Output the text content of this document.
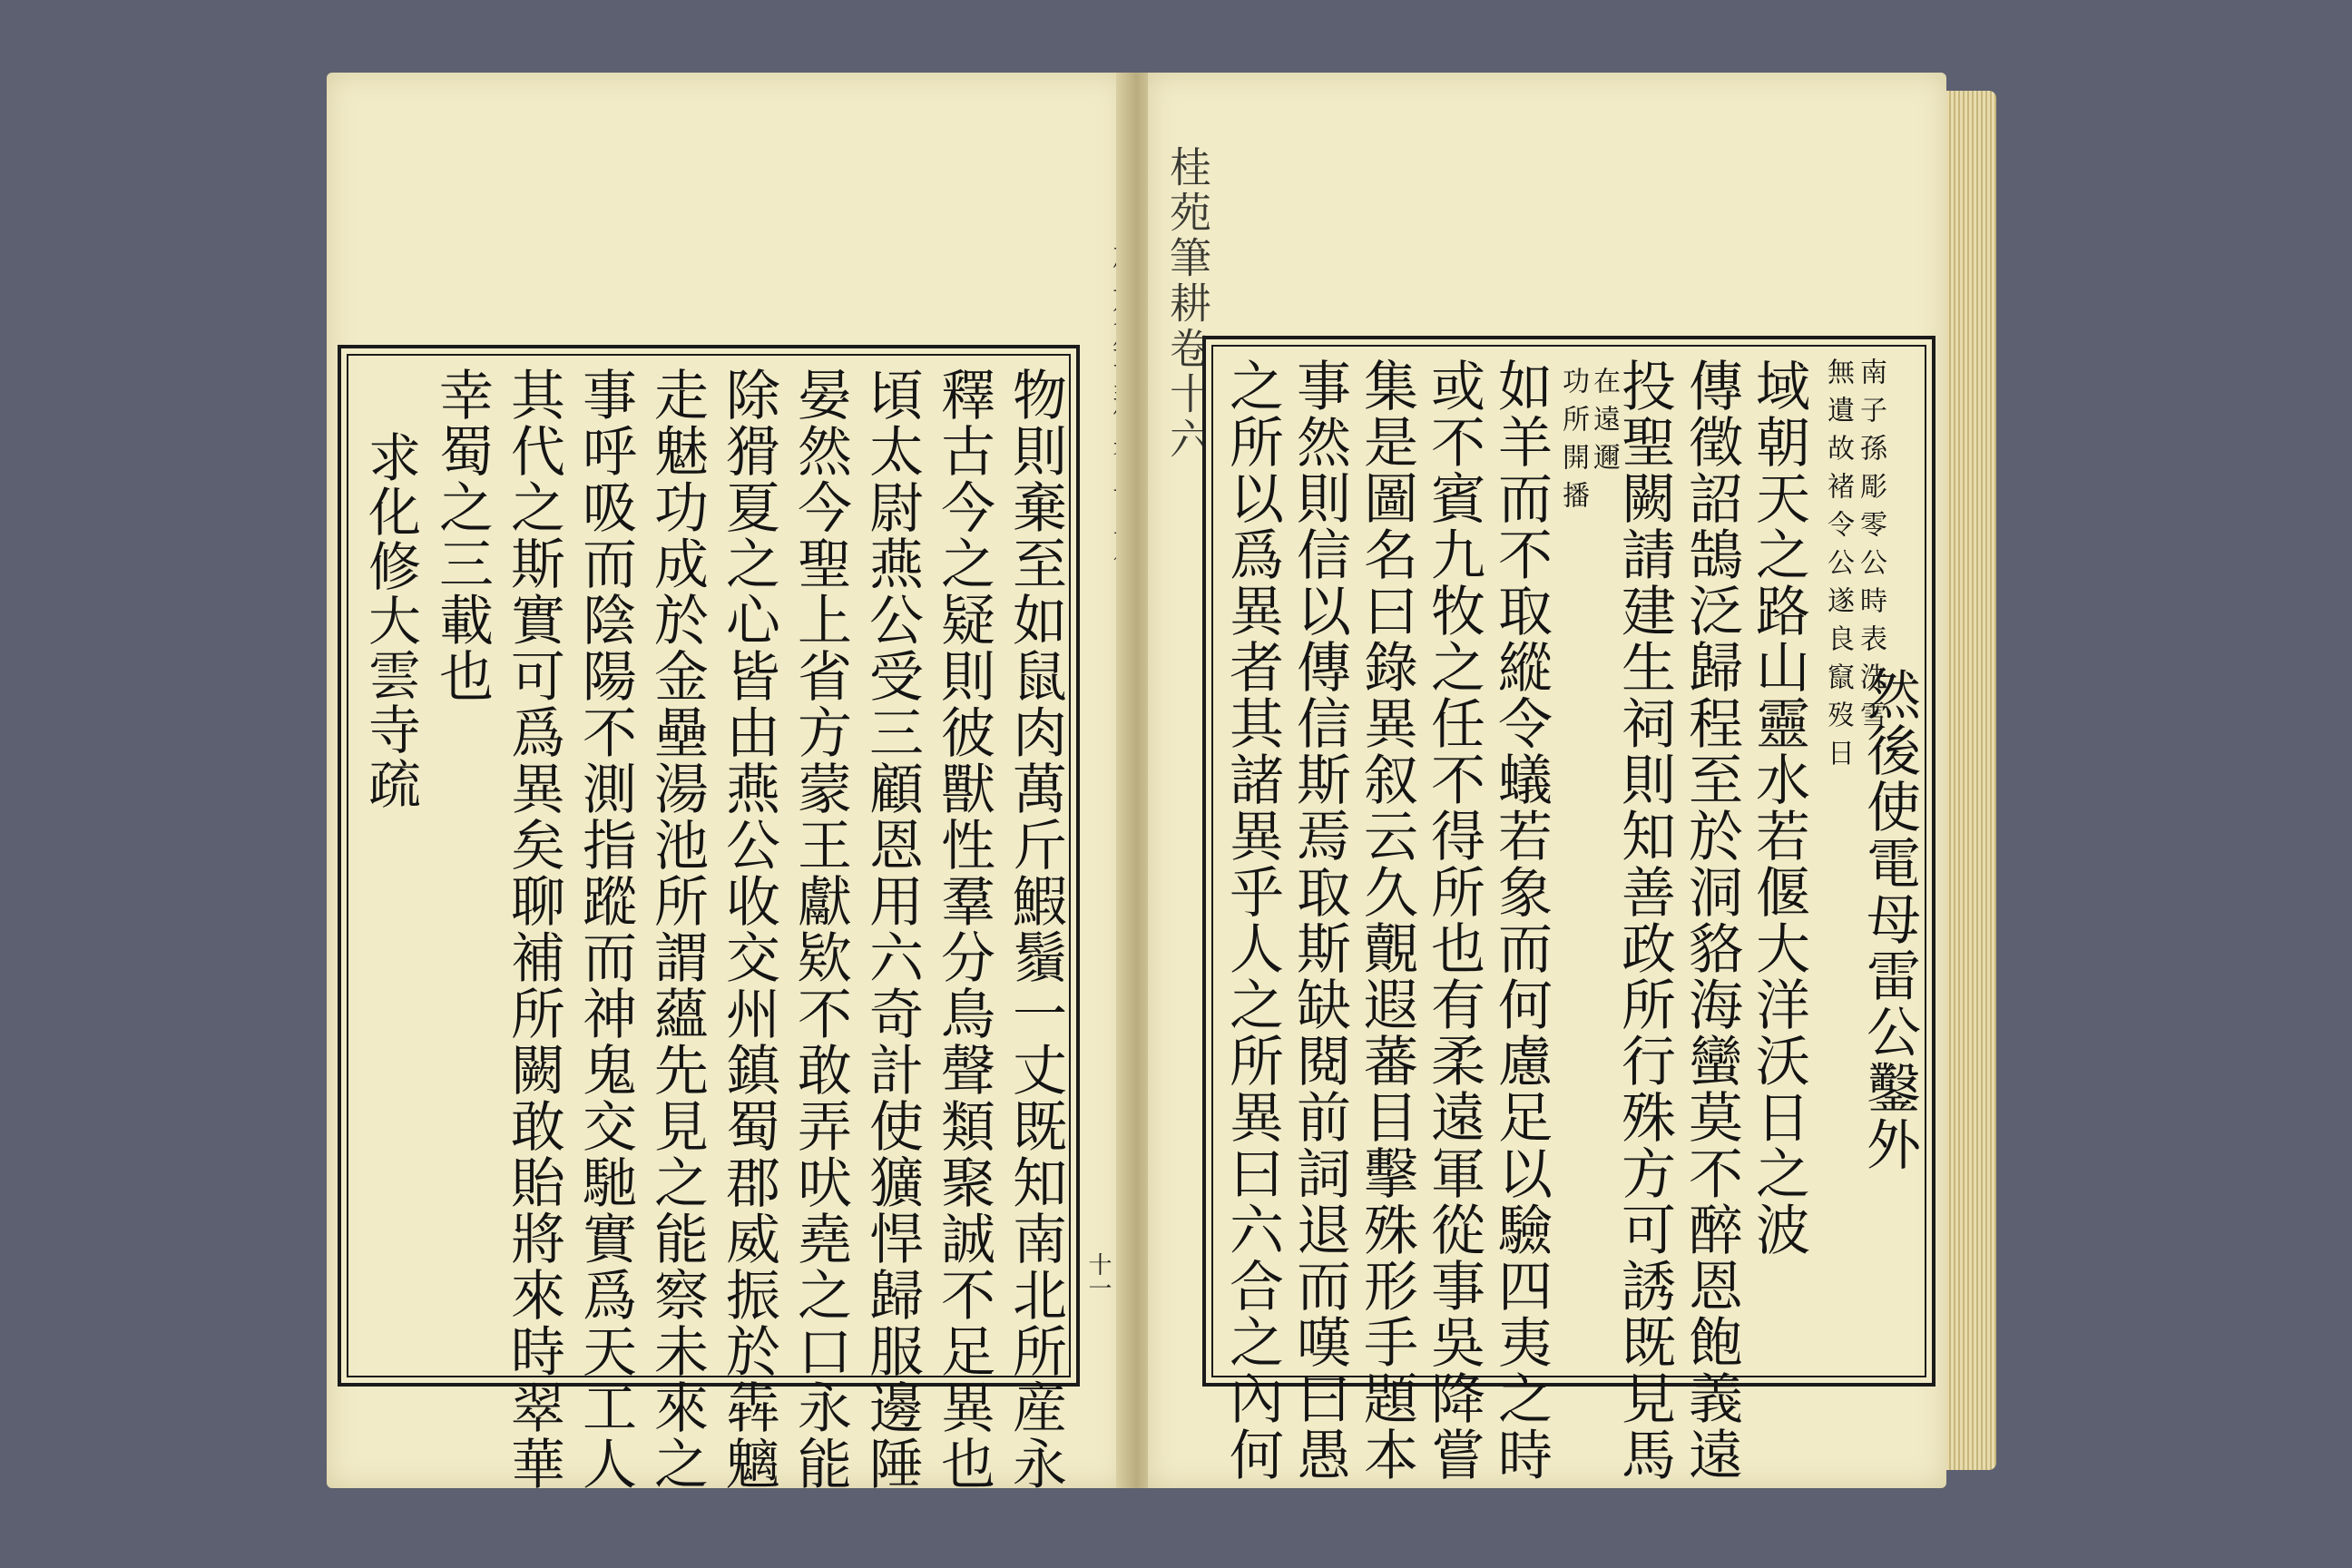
十一
物則棄至如鼠肉萬斤鰕鬚一丈既知南北所産永
釋古今之疑則彼獸性羣分鳥聲類聚誠不足異也
頃太尉燕公受三顧恩用六奇計使獷悍歸服邊陲
晏然今聖上省方蒙王獻欵不敢弄吠堯之口永能
除猾夏之心皆由燕公收交州鎮蜀郡威振於犇魑
走魅功成於金壘湯池所謂蘊先見之能察未來之
事呼吸而陰陽不測指蹤而神鬼交馳實爲天工人
其代之斯實可爲異矣聊補所闕敢貽將來時翠華
幸蜀之三載也
求化修大雲寺疏
桂苑筆耕卷十六
無遺故褚令公遂良竄歿日 南子孫彫零公時表洗雪
然後使電母雷公鑿外
域朝天之路山靈水若偃大洋沃日之波
傳徵詔鵠泛歸程至於洞貉海蠻莫不醉恩飽義遠
投聖闕請建生祠則知善政所行殊方可誘既見馬
功所開播 在遠邇
如羊而不取縱令蟻若象而何慮足以驗四夷之時
或不賓九牧之任不得所也有柔遠軍從事吳降嘗
集是圖名曰錄異叙云久覿遐蕃目擊殊形手題本
事然則信以傳信斯焉取斯缺閱前詞退而嘆曰愚
之所以爲異者其諸異乎人之所異曰六合之內何
